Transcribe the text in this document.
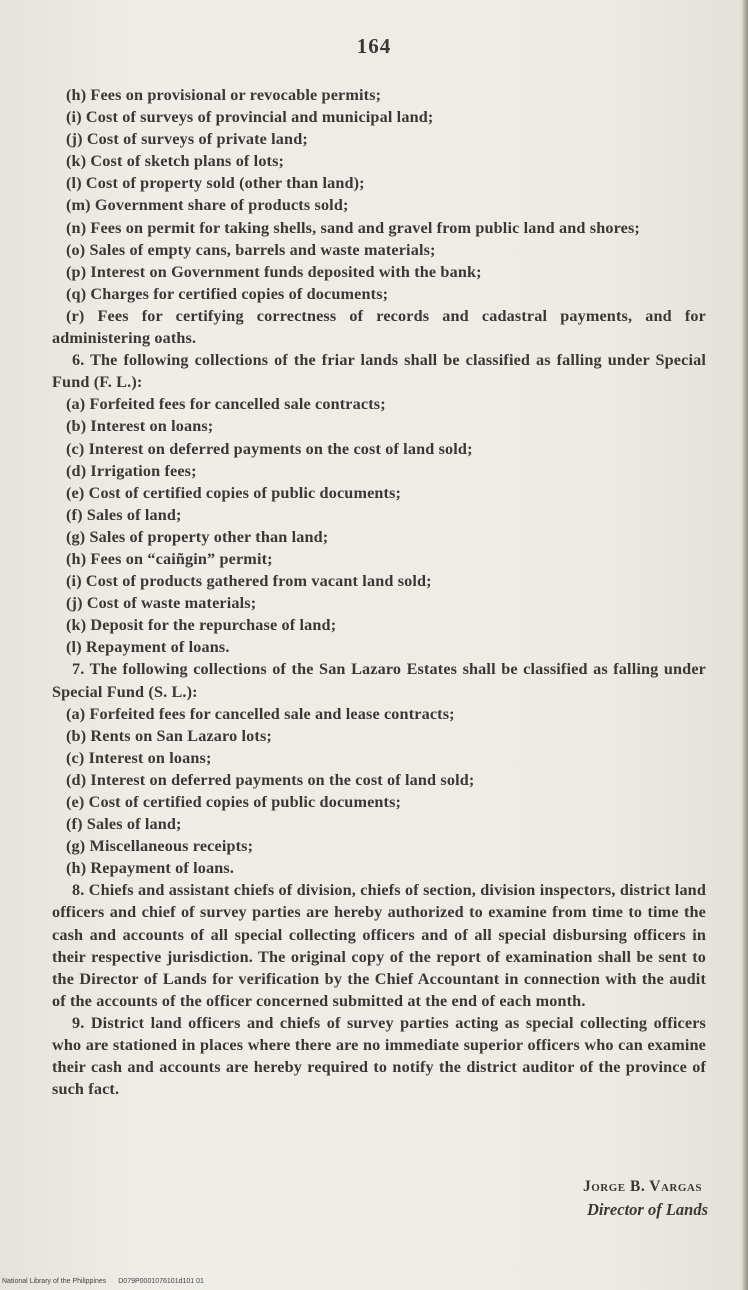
164
(h) Fees on provisional or revocable permits;
(i) Cost of surveys of provincial and municipal land;
(j) Cost of surveys of private land;
(k) Cost of sketch plans of lots;
(l) Cost of property sold (other than land);
(m) Government share of products sold;
(n) Fees on permit for taking shells, sand and gravel from public land and shores;
(o) Sales of empty cans, barrels and waste materials;
(p) Interest on Government funds deposited with the bank;
(q) Charges for certified copies of documents;
(r) Fees for certifying correctness of records and cadastral payments, and for administering oaths.
6. The following collections of the friar lands shall be classified as falling under Special Fund (F. L.):
(a) Forfeited fees for cancelled sale contracts;
(b) Interest on loans;
(c) Interest on deferred payments on the cost of land sold;
(d) Irrigation fees;
(e) Cost of certified copies of public documents;
(f) Sales of land;
(g) Sales of property other than land;
(h) Fees on “caiñgin” permit;
(i) Cost of products gathered from vacant land sold;
(j) Cost of waste materials;
(k) Deposit for the repurchase of land;
(l) Repayment of loans.
7. The following collections of the San Lazaro Estates shall be classified as falling under Special Fund (S. L.):
(a) Forfeited fees for cancelled sale and lease contracts;
(b) Rents on San Lazaro lots;
(c) Interest on loans;
(d) Interest on deferred payments on the cost of land sold;
(e) Cost of certified copies of public documents;
(f) Sales of land;
(g) Miscellaneous receipts;
(h) Repayment of loans.
8. Chiefs and assistant chiefs of division, chiefs of section, division inspectors, district land officers and chief of survey parties are hereby authorized to examine from time to time the cash and accounts of all special collecting officers and of all special disbursing officers in their respective jurisdiction. The original copy of the report of examination shall be sent to the Director of Lands for verification by the Chief Accountant in connection with the audit of the accounts of the officer concerned submitted at the end of each month.
9. District land officers and chiefs of survey parties acting as special collecting officers who are stationed in places where there are no immediate superior officers who can examine their cash and accounts are hereby required to notify the district auditor of the province of such fact.
Jorge B. Vargas
Director of Lands
National Library of the Philippines D079P0001076101d101 01
